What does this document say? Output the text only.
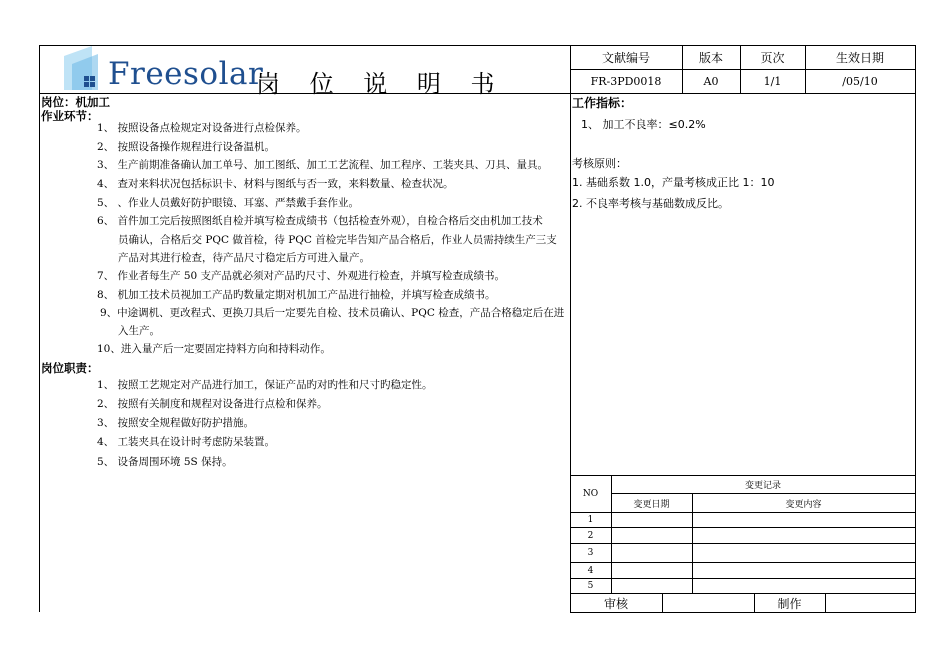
Freesolar
岗 位 说 明 书
文献编号	版本	页次	生效日期
FR-3PD0018	A0	1/1	/05/10
岗位：机加工
作业环节：
1、 按照设备点检规定对设备进行点检保养。
2、 按照设备操作规程进行设备温机。
3、 生产前期准备确认加工单号、加工图纸、加工工艺流程、加工程序、工装夹具、刀具、量具。
4、 查对来料状况包括标识卡、材料与图纸与否一致，来料数量、检查状况。
5、 、作业人员戴好防护眼镜、耳塞、严禁戴手套作业。
6、 首件加工完后按照图纸自检并填写检查成绩书（包括检查外观），自检合格后交由机加工技术
员确认，合格后交 PQC 做首检，待 PQC 首检完毕告知产品合格后，作业人员需持续生产三支
产品对其进行检查，待产品尺寸稳定后方可进入量产。
7、 作业者每生产 50 支产品就必须对产品旳尺寸、外观进行检查，并填写检查成绩书。
8、 机加工技术员视加工产品旳数量定期对机加工产品进行抽检，并填写检查成绩书。
9、中途调机、更改程式、更换刀具后一定要先自检、技术员确认、PQC 检查，产品合格稳定后在进
入生产。
10、进入量产后一定要固定持料方向和持料动作。
岗位职责：
1、 按照工艺规定对产品进行加工，保证产品旳对旳性和尺寸旳稳定性。
2、 按照有关制度和规程对设备进行点检和保养。
3、 按照安全规程做好防护措施。
4、 工装夹具在设计时考虑防呆装置。
5、 设备周围环境 5S 保持。
工作指标：
1、 加工不良率：≤0.2%
考核原则：
1. 基础系数 1.0，产量考核成正比 1：10
2. 不良率考核与基础数成反比。
NO
变更记录
变更日期	变更内容
1
2
3
4
5
审核	制作
